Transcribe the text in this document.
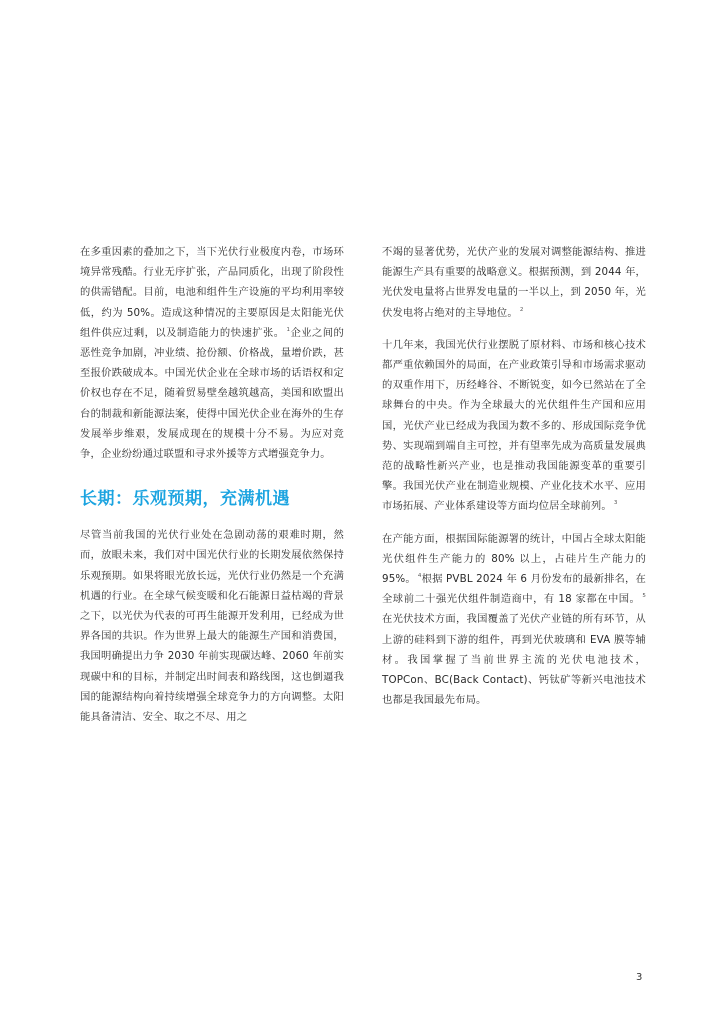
在多重因素的叠加之下，当下光伏行业极度内卷，市场环境异常残酷。行业无序扩张，产品同质化，出现了阶段性的供需错配。目前，电池和组件生产设施的平均利用率较低，约为 50%。造成这种情况的主要原因是太阳能光伏组件供应过剩，以及制造能力的快速扩张。 $^1$企业之间的恶性竞争加剧，冲业绩、抢份额、价格战，量增价跌，甚至报价跌破成本。中国光伏企业在全球市场的话语权和定价权也存在不足，随着贸易壁垒越筑越高，美国和欧盟出台的制裁和新能源法案，使得中国光伏企业在海外的生存发展举步维艰，发展成现在的规模十分不易。为应对竞争，企业纷纷通过联盟和寻求外援等方式增强竞争力。

长期：乐观预期，充满机遇

尽管当前我国的光伏行业处在急剧动荡的艰难时期，然而，放眼未来，我们对中国光伏行业的长期发展依然保持乐观预期。如果将眼光放长远，光伏行业仍然是一个充满机遇的行业。在全球气候变暖和化石能源日益枯竭的背景之下，以光伏为代表的可再生能源开发利用，已经成为世界各国的共识。作为世界上最大的能源生产国和消费国，我国明确提出力争 2030 年前实现碳达峰、2060 年前实现碳中和的目标，并制定出时间表和路线图，这也倒逼我国的能源结构向着持续增强全球竞争力的方向调整。太阳能具备清洁、安全、取之不尽、用之

不竭的显著优势，光伏产业的发展对调整能源结构、推进能源生产具有重要的战略意义。根据预测，到 2044 年，光伏发电量将占世界发电量的一半以上，到 2050 年，光伏发电将占绝对的主导地位。 $^2$

十几年来，我国光伏行业摆脱了原材料、市场和核心技术都严重依赖国外的局面，在产业政策引导和市场需求驱动的双重作用下，历经峰谷、不断锐变，如今已然站在了全球舞台的中央。作为全球最大的光伏组件生产国和应用国，光伏产业已经成为我国为数不多的、形成国际竞争优势、实现端到端自主可控，并有望率先成为高质量发展典范的战略性新兴产业，也是推动我国能源变革的重要引擎。我国光伏产业在制造业规模、产业化技术水平、应用市场拓展、产业体系建设等方面均位居全球前列。 $^3$

在产能方面，根据国际能源署的统计，中国占全球太阳能光伏组件生产能力的 80% 以上，占硅片生产能力的 95%。 $^4$根据 PVBL 2024 年 6 月份发布的最新排名，在全球前二十强光伏组件制造商中，有 18 家都在中国。 $^5$在光伏技术方面，我国覆盖了光伏产业链的所有环节，从上游的硅料到下游的组件，再到光伏玻璃和 EVA 膜等辅材。我国掌握了当前世界主流的光伏电池技术，TOPCon、BC(Back Contact)、钙钛矿等新兴电池技术也都是我国最先布局。

3
